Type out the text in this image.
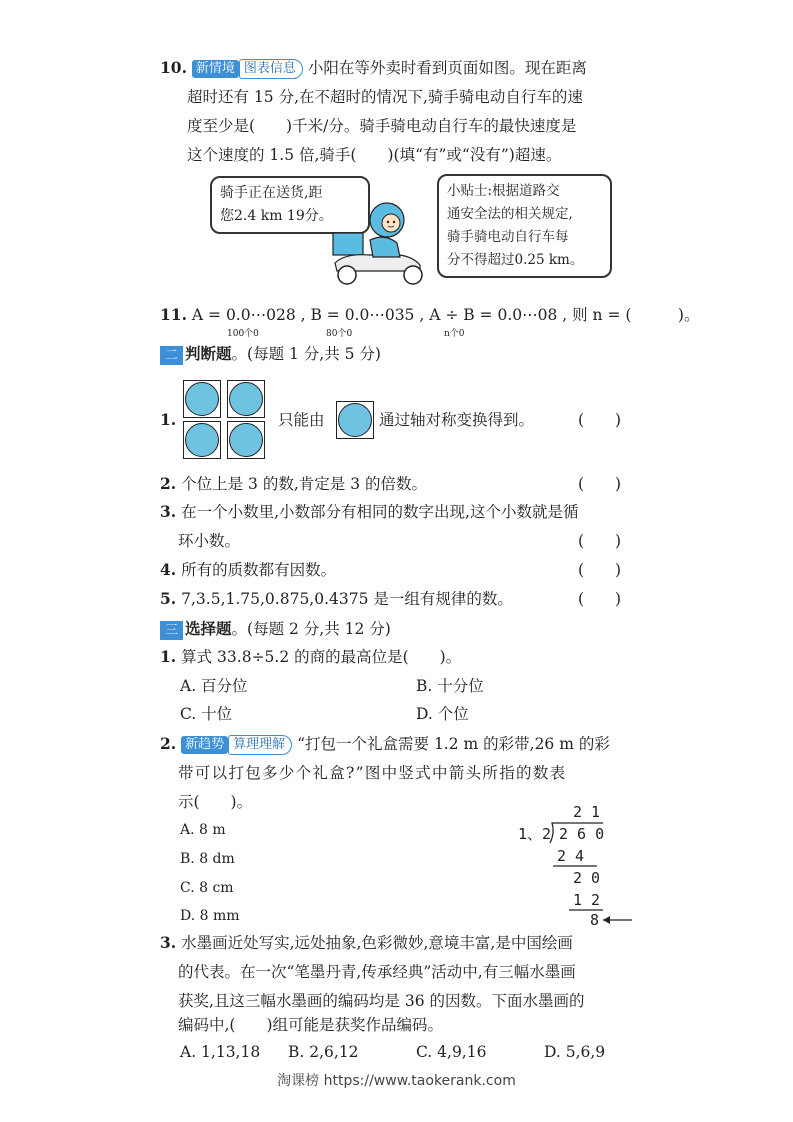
10. 新情境 图表信息 小阳在等外卖时看到页面如图。现在距离
超时还有 15 分,在不超时的情况下,骑手骑电动自行车的速
度至少是(　　)千米/分。骑手骑电动自行车的最快速度是
这个速度的 1.5 倍,骑手(　　)(填“有”或“没有”)超速。
骑手正在送货,距
您2.4 km 19分。
小贴士:根据道路交
通安全法的相关规定,
骑手骑电动自行车每
分不得超过0.25 km。
11. A = 0.0⋯028 , B = 0.0⋯035 , A ÷ B = 0.0⋯08 , 则 n = (　　　)。
100个0	80个0	n个0
二 判断题。(每题 1 分,共 5 分)
1.	只能由	通过轴对称变换得到。	(　　)
2. 个位上是 3 的数,肯定是 3 的倍数。	(　　)
3. 在一个小数里,小数部分有相同的数字出现,这个小数就是循
环小数。	(　　)
4. 所有的质数都有因数。	(　　)
5. 7,3.5,1.75,0.875,0.4375 是一组有规律的数。	(　　)
三 选择题。(每题 2 分,共 12 分)
1. 算式 33.8÷5.2 的商的最高位是(　　)。
A. 百分位	B. 十分位
C. 十位	D. 个位
2. 新趋势 算理理解 “打包一个礼盒需要 1.2 m 的彩带,26 m 的彩
带可以打包多少个礼盒?”图中竖式中箭头所指的数表
示(　　)。
A. 8 m
B. 8 dm
C. 8 cm
D. 8 mm
2 1
1、2 2 6 0
2 4
2 0
1 2
8
3. 水墨画近处写实,远处抽象,色彩微妙,意境丰富,是中国绘画
的代表。在一次“笔墨丹青,传承经典”活动中,有三幅水墨画
获奖,且这三幅水墨画的编码均是 36 的因数。下面水墨画的
编码中,(　　)组可能是获奖作品编码。
A. 1,13,18 B. 2,6,12	C. 4,9,16	D. 5,6,9
淘课榜 https://www.taokerank.com
